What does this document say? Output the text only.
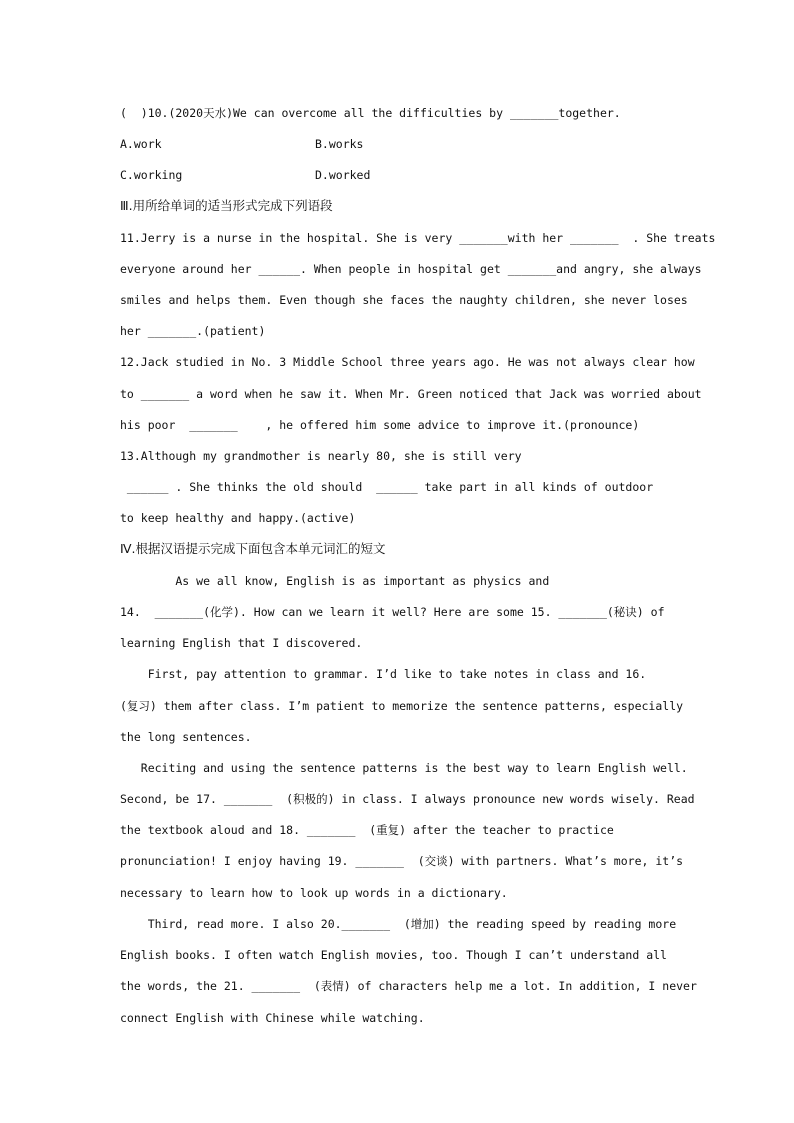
(  )10.(2020天水)We can overcome all the difficulties by _______together.
A.work	B.works
C.working	D.worked
Ⅲ.用所给单词的适当形式完成下列语段
11.Jerry is a nurse in the hospital. She is very _______with her _______  . She treats
everyone around her ______. When people in hospital get _______and angry, she always
smiles and helps them. Even though she faces the naughty children, she never loses
her _______.(patient)
12.Jack studied in No. 3 Middle School three years ago. He was not always clear how
to _______ a word when he saw it. When Mr. Green noticed that Jack was worried about
his poor  _______    , he offered him some advice to improve it.(pronounce)
13.Although my grandmother is nearly 80, she is still very
______ . She thinks the old should  ______ take part in all kinds of outdoor
to keep healthy and happy.(active)
Ⅳ.根据汉语提示完成下面包含本单元词汇的短文
As we all know, English is as important as physics and
14.  _______(化学). How can we learn it well? Here are some 15. _______(秘诀) of
learning English that I discovered.
First, pay attention to grammar. I’d like to take notes in class and 16.
(复习) them after class. I’m patient to memorize the sentence patterns, especially
the long sentences.
Reciting and using the sentence patterns is the best way to learn English well.
Second, be 17. _______  (积极的) in class. I always pronounce new words wisely. Read
the textbook aloud and 18. _______  (重复) after the teacher to practice
pronunciation! I enjoy having 19. _______  (交谈) with partners. What’s more, it’s
necessary to learn how to look up words in a dictionary.
Third, read more. I also 20._______  (增加) the reading speed by reading more
English books. I often watch English movies, too. Though I can’t understand all
the words, the 21. _______  (表情) of characters help me a lot. In addition, I never
connect English with Chinese while watching.
